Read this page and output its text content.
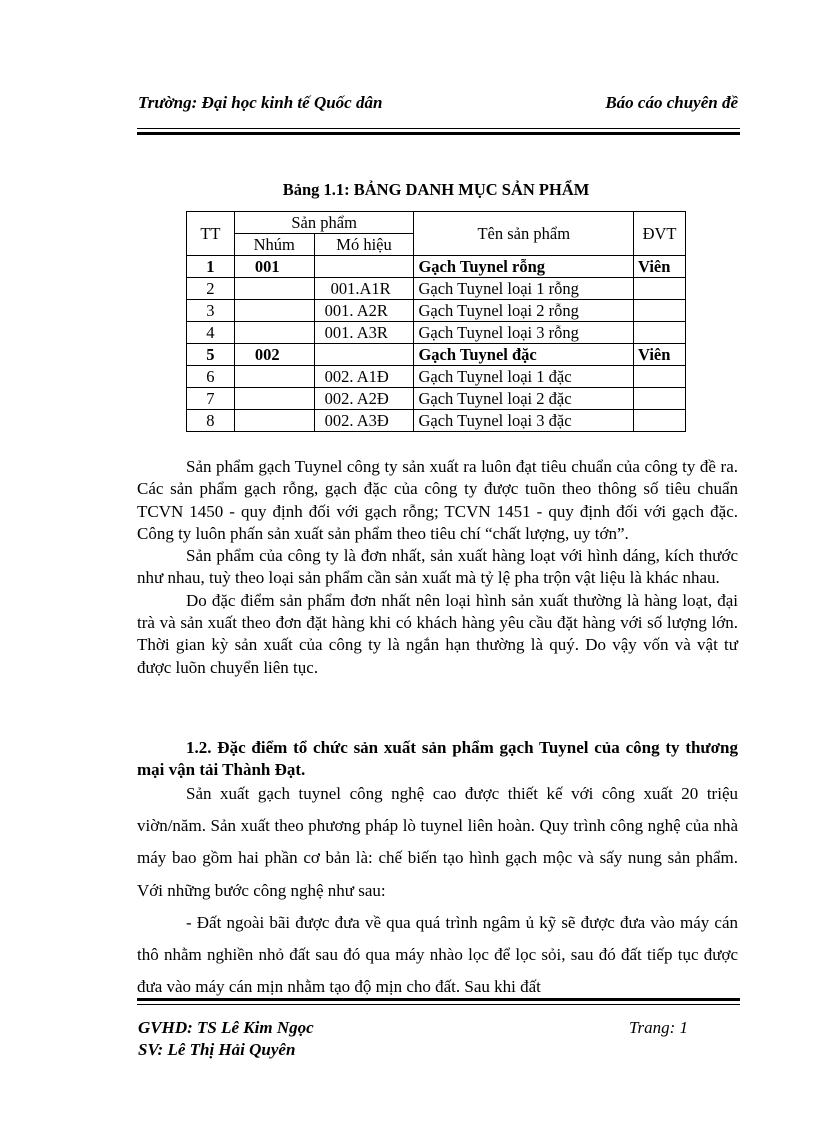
Trường: Đại học kinh tế Quốc dân	Báo cáo chuyên đề
Bảng 1.1: BẢNG DANH MỤC SẢN PHẨM
TT	Sản phẩm		Tên sản phẩm	ĐVT
	Nhúm	Mó hiệu		
1	001		Gạch Tuynel rỗng	Viên
2		001.A1R	Gạch Tuynel loại 1 rỗng	
3		001. A2R	Gạch Tuynel loại 2 rỗng	
4		001. A3R	Gạch Tuynel loại 3 rỗng	
5	002		Gạch Tuynel đặc	Viên
6		002. A1Đ	Gạch Tuynel loại 1 đặc	
7		002. A2Đ	Gạch Tuynel loại 2 đặc	
8		002. A3Đ	Gạch Tuynel loại 3 đặc	

Sản phẩm gạch Tuynel công ty sản xuất ra luôn đạt tiêu chuẩn của công ty đề ra. Các sản phẩm gạch rỗng, gạch đặc của công ty được tuõn theo thông số tiêu chuẩn TCVN 1450 - quy định đối với gạch rỗng; TCVN 1451 - quy định đối với gạch đặc. Công ty luôn phấn sản xuất sản phẩm theo tiêu chí “chất lượng, uy tớn”.

Sản phẩm của công ty là đơn nhất, sản xuất hàng loạt với hình dáng, kích thước như nhau, tuỳ theo loại sản phẩm cần sản xuất mà tỷ lệ pha trộn vật liệu là khác nhau.

Do đặc điểm sản phẩm đơn nhất nên loại hình sản xuất thường là hàng loạt, đại trà và sản xuất theo đơn đặt hàng khi có khách hàng yêu cầu đặt hàng với số lượng lớn. Thời gian kỳ sản xuất của công ty là ngắn hạn thường là quý. Do vậy vốn và vật tư được luõn chuyển liên tục.

1.2. Đặc điểm tổ chức sản xuất sản phẩm gạch Tuynel của công ty thương mại vận tải Thành Đạt.

Sản xuất gạch tuynel công nghệ cao được thiết kế với công xuất 20 triệu viờn/năm. Sản xuất theo phương pháp lò tuynel liên hoàn. Quy trình công nghệ của nhà máy bao gồm hai phần cơ bản là: chế biến tạo hình gạch mộc và sấy nung sản phẩm. Với những bước công nghệ như sau:

- Đất ngoài bãi được đưa về qua quá trình ngâm ủ kỹ sẽ được đưa vào máy cán thô nhằm nghiền nhỏ đất sau đó qua máy nhào lọc để lọc sỏi, sau đó đất tiếp tục được đưa vào máy cán mịn nhằm tạo độ mịn cho đất. Sau khi đất

GVHD: TS Lê Kim Ngọc
SV: Lê Thị Hải Quyên
Trang: 1
